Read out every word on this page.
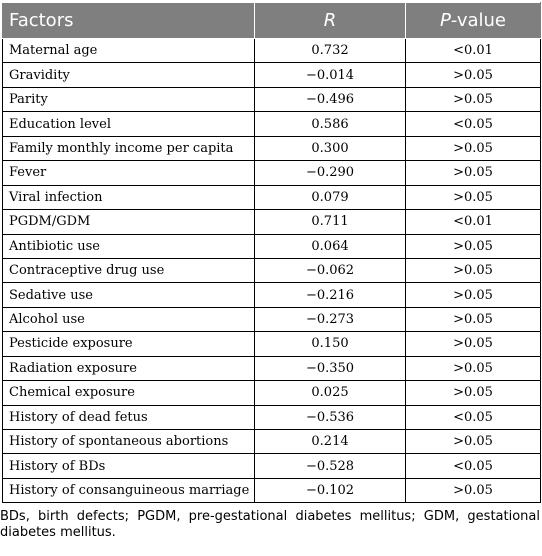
Factors	R	P-value
Maternal age	0.732	<0.01
Gravidity	−0.014	>0.05
Parity	−0.496	>0.05
Education level	0.586	<0.05
Family monthly income per capita	0.300	>0.05
Fever	−0.290	>0.05
Viral infection	0.079	>0.05
PGDM/GDM	0.711	<0.01
Antibiotic use	0.064	>0.05
Contraceptive drug use	−0.062	>0.05
Sedative use	−0.216	>0.05
Alcohol use	−0.273	>0.05
Pesticide exposure	0.150	>0.05
Radiation exposure	−0.350	>0.05
Chemical exposure	0.025	>0.05
History of dead fetus	−0.536	<0.05
History of spontaneous abortions	0.214	>0.05
History of BDs	−0.528	<0.05
History of consanguineous marriage	−0.102	>0.05
BDs, birth defects; PGDM, pre-gestational diabetes mellitus; GDM, gestational diabetes mellitus.
